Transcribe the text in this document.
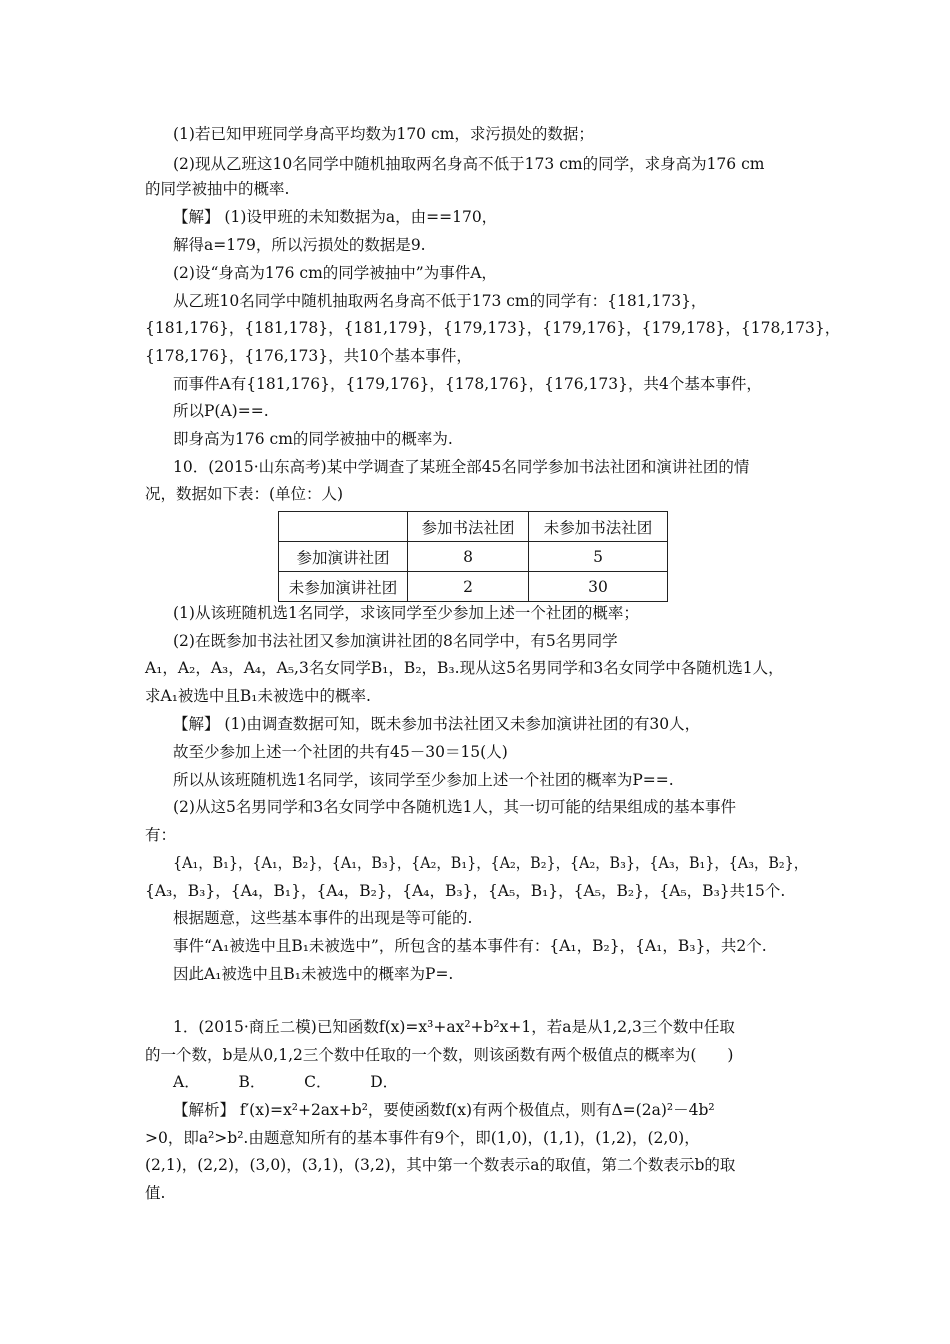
(1)若已知甲班同学身高平均数为170 cm，求污损处的数据；
(2)现从乙班这10名同学中随机抽取两名身高不低于173 cm的同学，求身高为176 cm
的同学被抽中的概率.
【解】 (1)设甲班的未知数据为a，由==170，
解得a=179，所以污损处的数据是9.
(2)设“身高为176 cm的同学被抽中”为事件A，
从乙班10名同学中随机抽取两名身高不低于173 cm的同学有：{181,173}，
{181,176}，{181,178}，{181,179}，{179,173}，{179,176}，{179,178}，{178,173}，
{178,176}，{176,173}，共10个基本事件，
而事件A有{181,176}，{179,176}，{178,176}，{176,173}，共4个基本事件，
所以P(A)==.
即身高为176 cm的同学被抽中的概率为.
10．(2015·山东高考)某中学调查了某班全部45名同学参加书法社团和演讲社团的情
况，数据如下表：(单位：人)
	参加书法社团	未参加书法社团
参加演讲社团	8	5
未参加演讲社团	2	30
(1)从该班随机选1名同学，求该同学至少参加上述一个社团的概率；
(2)在既参加书法社团又参加演讲社团的8名同学中，有5名男同学
A₁，A₂，A₃，A₄，A₅,3名女同学B₁，B₂，B₃.现从这5名男同学和3名女同学中各随机选1人，
求A₁被选中且B₁未被选中的概率.
【解】 (1)由调查数据可知，既未参加书法社团又未参加演讲社团的有30人，
故至少参加上述一个社团的共有45－30＝15(人)
所以从该班随机选1名同学，该同学至少参加上述一个社团的概率为P==.
(2)从这5名男同学和3名女同学中各随机选1人，其一切可能的结果组成的基本事件
有：
{A₁，B₁}，{A₁，B₂}，{A₁，B₃}，{A₂，B₁}，{A₂，B₂}，{A₂，B₃}，{A₃，B₁}，{A₃，B₂}，
{A₃，B₃}，{A₄，B₁}，{A₄，B₂}，{A₄，B₃}，{A₅，B₁}，{A₅，B₂}，{A₅，B₃}共15个.
根据题意，这些基本事件的出现是等可能的.
事件“A₁被选中且B₁未被选中”，所包含的基本事件有：{A₁，B₂}，{A₁，B₃}，共2个.
因此A₁被选中且B₁未被选中的概率为P=.
1．(2015·商丘二模)已知函数f(x)=x³+ax²+b²x+1，若a是从1,2,3三个数中任取
的一个数，b是从0,1,2三个数中任取的一个数，则该函数有两个极值点的概率为(　　)
A．　　　B．　　　C．　　　D．
【解析】 f′(x)=x²+2ax+b²，要使函数f(x)有两个极值点，则有Δ=(2a)²－4b²
>0，即a²>b².由题意知所有的基本事件有9个，即(1,0)，(1,1)，(1,2)，(2,0)，
(2,1)，(2,2)，(3,0)，(3,1)，(3,2)，其中第一个数表示a的取值，第二个数表示b的取
值.
